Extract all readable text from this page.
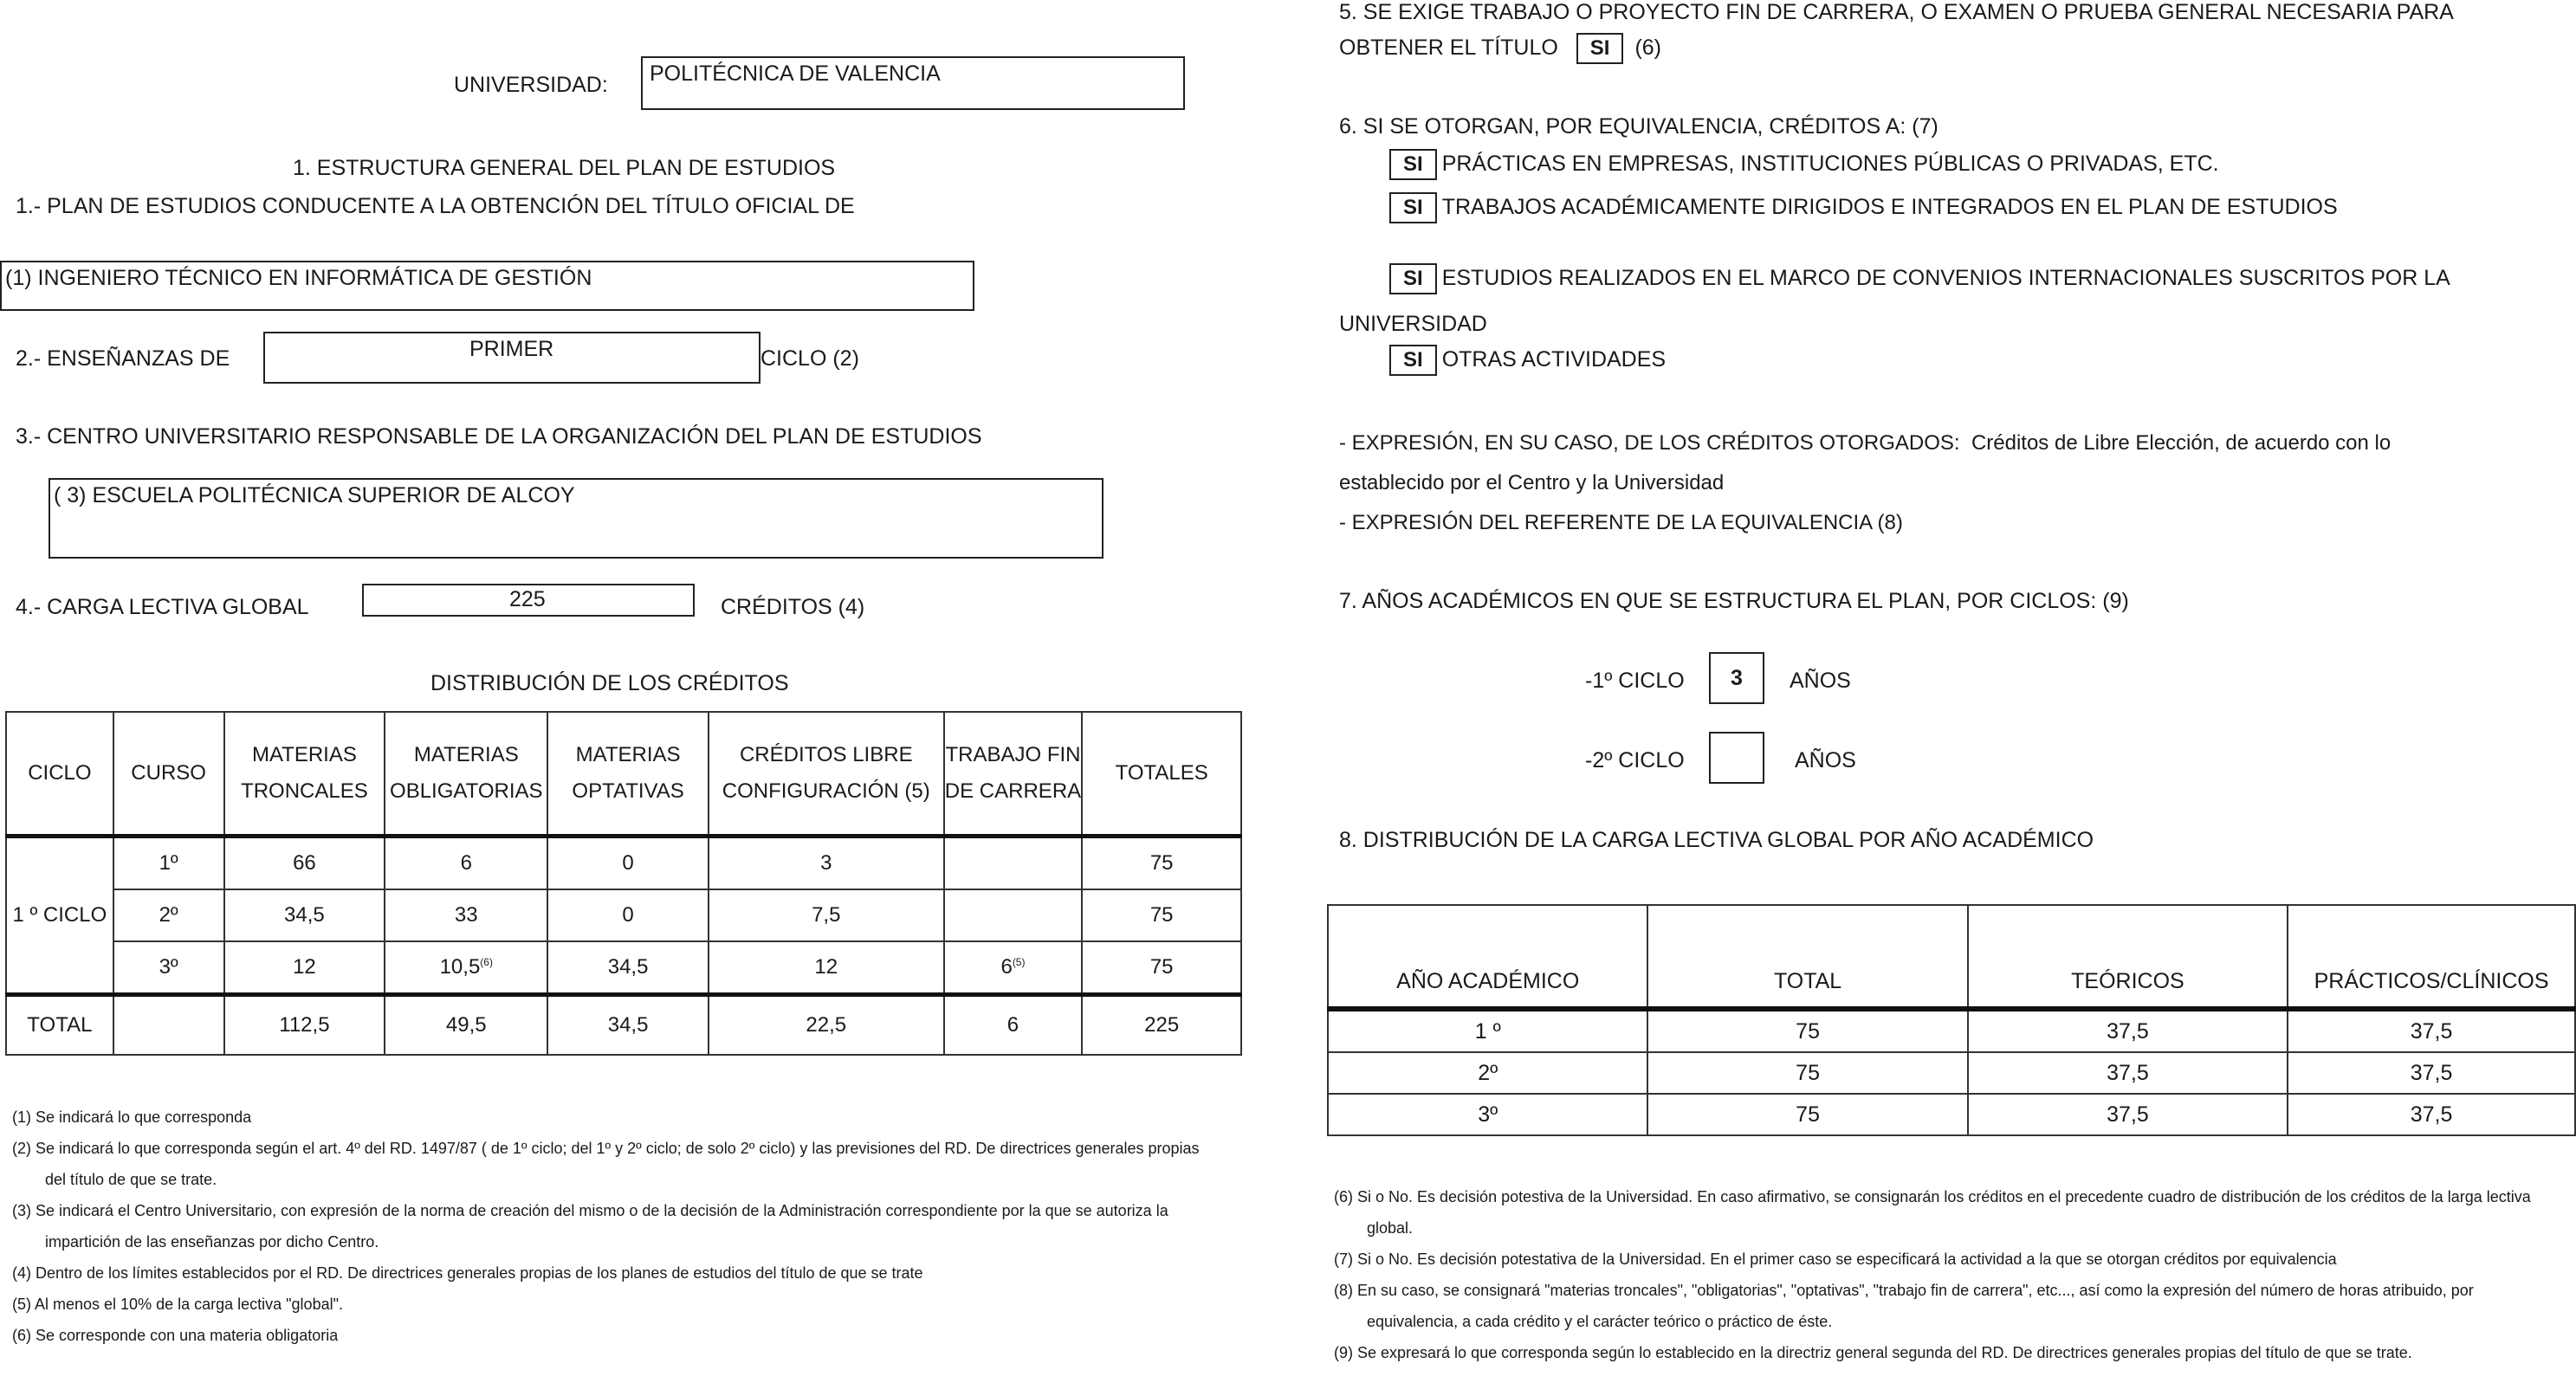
UNIVERSIDAD: POLITÉCNICA DE VALENCIA
1. ESTRUCTURA GENERAL DEL PLAN DE ESTUDIOS
1.- PLAN DE ESTUDIOS CONDUCENTE A LA OBTENCIÓN DEL TÍTULO OFICIAL DE
(1) INGENIERO TÉCNICO EN INFORMÁTICA DE GESTIÓN
2.- ENSEÑANZAS DE	PRIMER	CICLO (2)
3.- CENTRO UNIVERSITARIO RESPONSABLE DE LA ORGANIZACIÓN DEL PLAN DE ESTUDIOS
( 3) ESCUELA POLITÉCNICA SUPERIOR DE ALCOY
4.- CARGA LECTIVA GLOBAL	225	CRÉDITOS (4)
DISTRIBUCIÓN DE LOS CRÉDITOS
CICLO	CURSO	MATERIAS TRONCALES	MATERIAS OBLIGATORIAS	MATERIAS OPTATIVAS	CRÉDITOS LIBRE CONFIGURACIÓN (5)	TRABAJO FIN DE CARRERA	TOTALES
1 º CICLO	1º	66	6	0	3		75
	2º	34,5	33	0	7,5		75
	3º	12	10,5$^{(6)}$	34,5	12	6$^{(5)}$	75
TOTAL		112,5	49,5	34,5	22,5	6	225

(1) Se indicará lo que corresponda

(2) Se indicará lo que corresponda según el art. 4º del RD. 1497/87 ( de 1º ciclo; del 1º y 2º ciclo; de solo 2º ciclo) y las previsiones del RD. De directrices generales propias del título de que se trate.

(3) Se indicará el Centro Universitario, con expresión de la norma de creación del mismo o de la decisión de la Administración correspondiente por la que se autoriza la impartición de las enseñanzas por dicho Centro.

(4) Dentro de los límites establecidos por el RD. De directrices generales propias de los planes de estudios del título de que se trate

(5) Al menos el 10% de la carga lectiva "global".

(6) Se corresponde con una materia obligatoria

5. SE EXIGE TRABAJO O PROYECTO FIN DE CARRERA, O EXAMEN O PRUEBA GENERAL NECESARIA PARA
OBTENER EL TÍTULO SI (6)
6. SI SE OTORGAN, POR EQUIVALENCIA, CRÉDITOS A: (7)
SI PRÁCTICAS EN EMPRESAS, INSTITUCIONES PÚBLICAS O PRIVADAS, ETC.
SI TRABAJOS ACADÉMICAMENTE DIRIGIDOS E INTEGRADOS EN EL PLAN DE ESTUDIOS
SI ESTUDIOS REALIZADOS EN EL MARCO DE CONVENIOS INTERNACIONALES SUSCRITOS POR LA
UNIVERSIDAD
SI OTRAS ACTIVIDADES
- EXPRESIÓN, EN SU CASO, DE LOS CRÉDITOS OTORGADOS: Créditos de Libre Elección, de acuerdo con lo
establecido por el Centro y la Universidad
- EXPRESIÓN DEL REFERENTE DE LA EQUIVALENCIA (8)
7. AÑOS ACADÉMICOS EN QUE SE ESTRUCTURA EL PLAN, POR CICLOS: (9)
-1º CICLO	3	AÑOS
-2º CICLO	AÑOS
8. DISTRIBUCIÓN DE LA CARGA LECTIVA GLOBAL POR AÑO ACADÉMICO
AÑO ACADÉMICO	TOTAL	TEÓRICOS	PRÁCTICOS/CLÍNICOS
1 º	75	37,5	37,5
2º	75	37,5	37,5
3º	75	37,5	37,5

(6) Si o No. Es decisión potestiva de la Universidad. En caso afirmativo, se consignarán los créditos en el precedente cuadro de distribución de los créditos de la larga lectiva global.

(7) Si o No. Es decisión potestativa de la Universidad. En el primer caso se especificará la actividad a la que se otorgan créditos por equivalencia

(8) En su caso, se consignará "materias troncales", "obligatorias", "optativas", "trabajo fin de carrera", etc..., así como la expresión del número de horas atribuido, por equivalencia, a cada crédito y el carácter teórico o práctico de éste.

(9) Se expresará lo que corresponda según lo establecido en la directriz general segunda del RD. De directrices generales propias del título de que se trate.
